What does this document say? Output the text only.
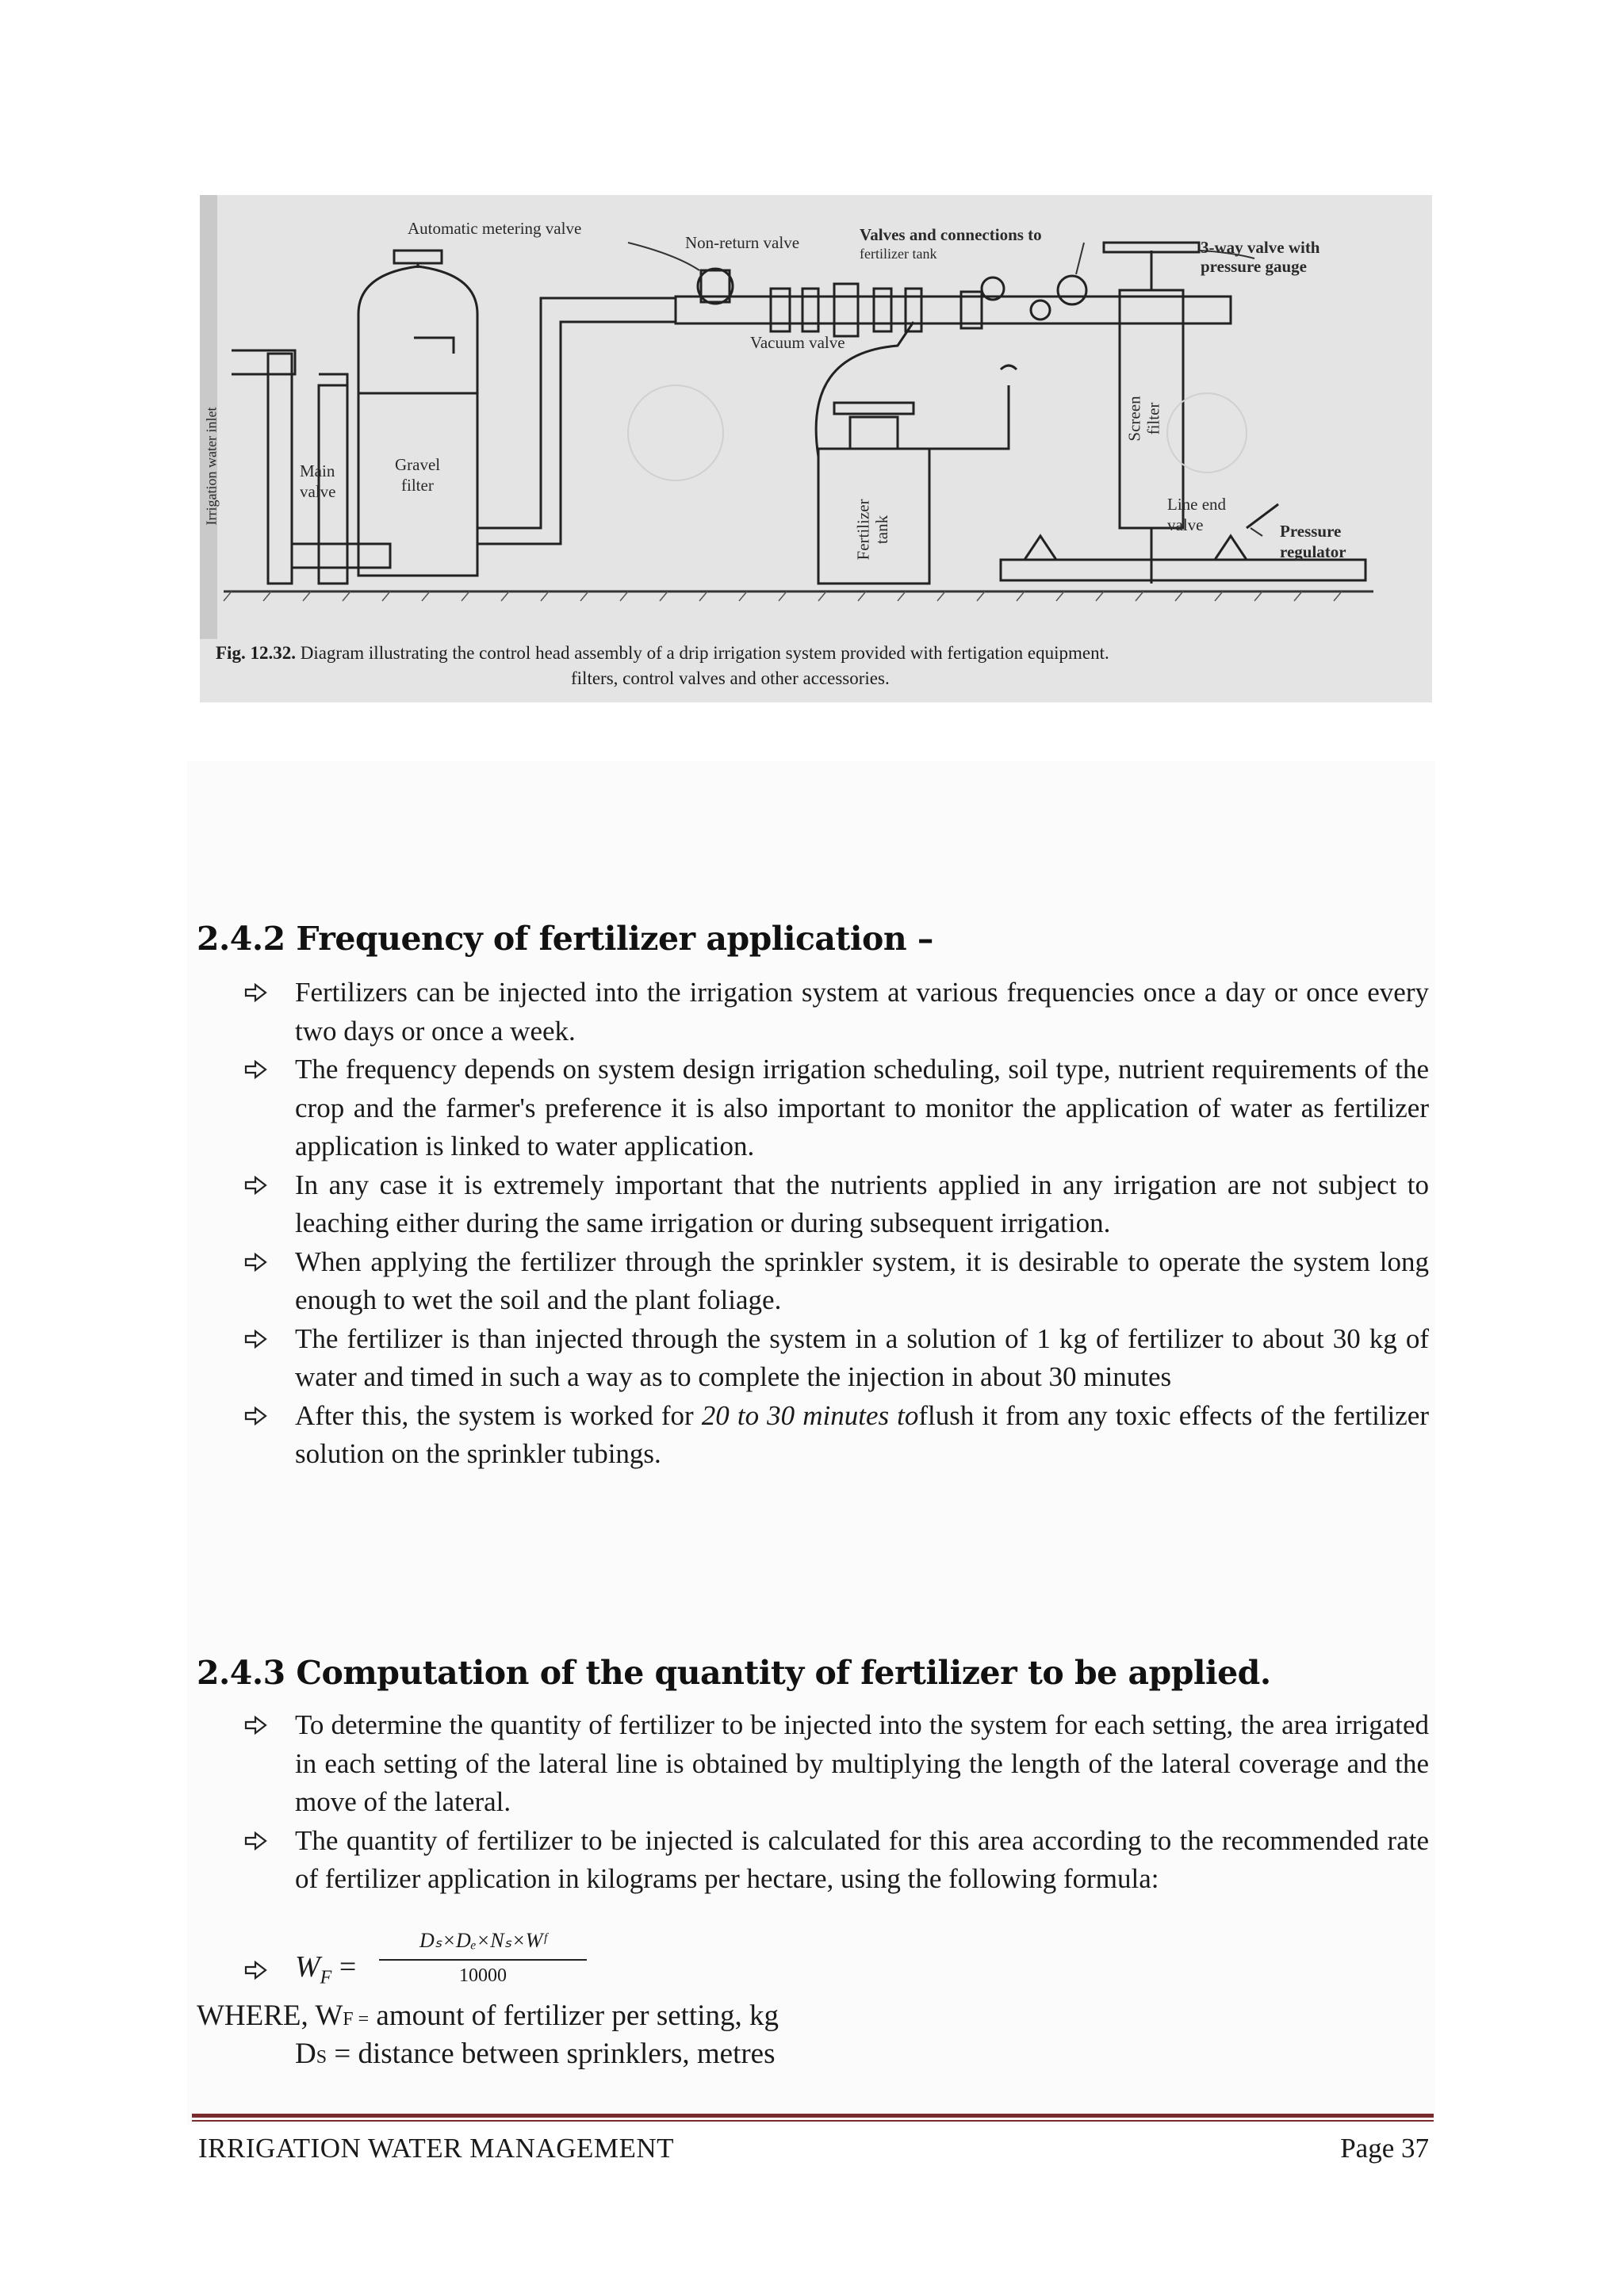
Automatic metering valve
Non-return valve	Valves and connections to
fertilizer tank	3-way valve with
pressure gauge
Vacuum valve
Main
valve
Gravel
filter
Line end
valve	Pressure
regulator
Irrigation water inlet	Screen filter
Fertilizer tank
Fig. 12.32. Diagram illustrating the control head assembly of a drip irrigation system provided with fertigation equipment.
filters, control valves and other accessories.
2.4.2 Frequency of fertilizer application –
Fertilizers can be injected into the irrigation system at various frequencies once a day or once every two days or once a week.
The frequency depends on system design irrigation scheduling, soil type, nutrient requirements of the crop and the farmer's preference it is also important to monitor the application of water as fertilizer application is linked to water application.
In any case it is extremely important that the nutrients applied in any irrigation are not subject to leaching either during the same irrigation or during subsequent irrigation.
When applying the fertilizer through the sprinkler system, it is desirable to operate the system long enough to wet the soil and the plant foliage.
The fertilizer is than injected through the system in a solution of 1 kg of fertilizer to about 30 kg of water and timed in such a way as to complete the injection in about 30 minutes
After this, the system is worked for 20 to 30 minutes toflush it from any toxic effects of the fertilizer solution on the sprinkler tubings.
2.4.3 Computation of the quantity of fertilizer to be applied.
To determine the quantity of fertilizer to be injected into the system for each setting, the area irrigated in each setting of the lateral line is obtained by multiplying the length of the lateral coverage and the move of the lateral.
The quantity of fertilizer to be injected is calculated for this area according to the recommended rate of fertilizer application in kilograms per hectare, using the following formula:
$W_F$ =
Dₛ×Dₑ×Nₛ×Wᶠ
10000
WHERE, WF = amount of fertilizer per setting, kg
DS = distance between sprinklers, metres
IRRIGATION WATER MANAGEMENT	Page 37
